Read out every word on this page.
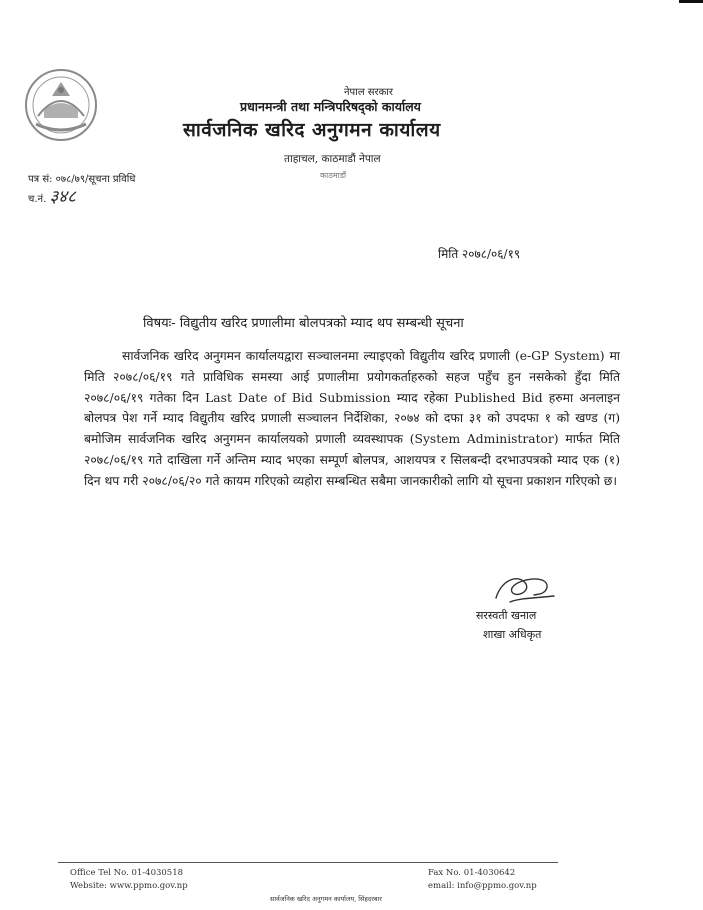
नेपाल सरकार
प्रधानमन्त्री तथा मन्त्रिपरिषद्को कार्यालय
सार्वजनिक खरिद अनुगमन कार्यालय
ताहाचल, काठमाडौं नेपाल
काठमाडौं
पत्र सं: ०७८/७९/सूचना प्रविधि
च.नं. ३४८
मिति २०७८/०६/१९
विषयः- विद्युतीय खरिद प्रणालीमा बोलपत्रको म्याद थप सम्बन्धी सूचना
सार्वजनिक खरिद अनुगमन कार्यालयद्वारा सञ्चालनमा ल्याइएको विद्युतीय खरिद प्रणाली (e-GP System) मा मिति २०७८/०६/१९ गते प्राविधिक समस्या आई प्रणालीमा प्रयोगकर्ताहरुको सहज पहुँच हुन नसकेको हुँदा मिति २०७८/०६/१९ गतेका दिन Last Date of Bid Submission म्याद रहेका Published Bid हरुमा अनलाइन बोलपत्र पेश गर्ने म्याद विद्युतीय खरिद प्रणाली सञ्चालन निर्देशिका, २०७४ को दफा ३१ को उपदफा १ को खण्ड (ग) बमोजिम सार्वजनिक खरिद अनुगमन कार्यालयको प्रणाली व्यवस्थापक (System Administrator) मार्फत मिति २०७८/०६/१९ गते दाखिला गर्ने अन्तिम म्याद भएका सम्पूर्ण बोलपत्र, आशयपत्र र सिलबन्दी दरभाउपत्रको म्याद एक (१) दिन थप गरी २०७८/०६/२० गते कायम गरिएको व्यहोरा सम्बन्धित सबैमा जानकारीको लागि यो सूचना प्रकाशन गरिएको छ।
सरस्वती खनाल
शाखा अधिकृत
Office Tel No. 01-4030518
Website: www.ppmo.gov.np
Fax No. 01-4030642
email: info@ppmo.gov.np
सार्वजनिक खरिद अनुगमन कार्यालय, सिंहदरबार
